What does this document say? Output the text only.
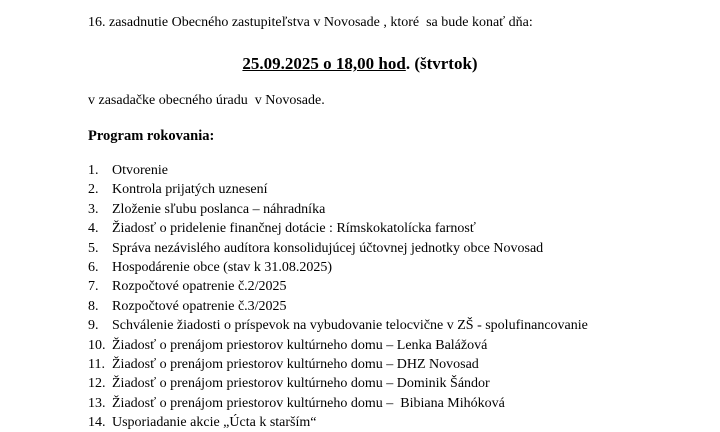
16. zasadnutie Obecného zastupiteľstva v Novosade , ktoré  sa bude konať dňa:
25.09.2025 o 18,00 hod. (štvrtok)
v zasadačke obecného úradu  v Novosade.
Program rokovania:
1. Otvorenie
2. Kontrola prijatých uznesení
3. Zloženie sľubu poslanca – náhradníka
4. Žiadosť o pridelenie finančnej dotácie : Rímskokatolícka farnosť
5. Správa nezávislého audítora konsolidujúcej účtovnej jednotky obce Novosad
6. Hospodárenie obce (stav k 31.08.2025)
7. Rozpočtové opatrenie č.2/2025
8. Rozpočtové opatrenie č.3/2025
9. Schválenie žiadosti o príspevok na vybudovanie telocvične v ZŠ - spolufinancovanie
10. Žiadosť o prenájom priestorov kultúrneho domu – Lenka Balážová
11. Žiadosť o prenájom priestorov kultúrneho domu – DHZ Novosad
12. Žiadosť o prenájom priestorov kultúrneho domu – Dominik Šándor
13. Žiadosť o prenájom priestorov kultúrneho domu –  Bibiana Mihóková
14. Usporiadanie akcie „Úcta k starším“
